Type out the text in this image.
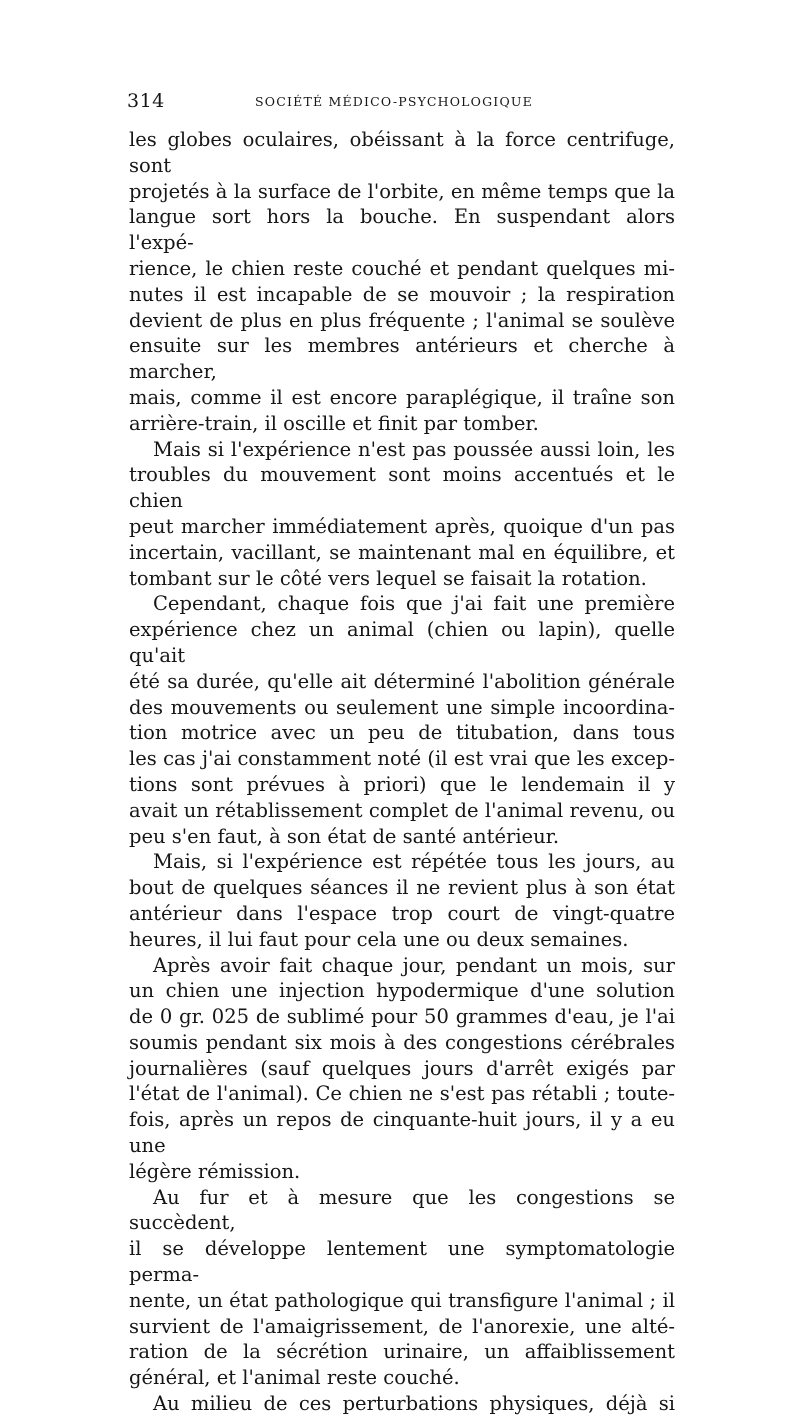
314	SOCIÉTÉ MÉDICO-PSYCHOLOGIQUE
les globes oculaires, obéissant à la force centrifuge, sont
projetés à la surface de l'orbite, en même temps que la
langue sort hors la bouche. En suspendant alors l'expé-
rience, le chien reste couché et pendant quelques mi-
nutes il est incapable de se mouvoir ; la respiration
devient de plus en plus fréquente ; l'animal se soulève
ensuite sur les membres antérieurs et cherche à marcher,
mais, comme il est encore paraplégique, il traîne son
arrière-train, il oscille et finit par tomber.
Mais si l'expérience n'est pas poussée aussi loin, les
troubles du mouvement sont moins accentués et le chien
peut marcher immédiatement après, quoique d'un pas
incertain, vacillant, se maintenant mal en équilibre, et
tombant sur le côté vers lequel se faisait la rotation.
Cependant, chaque fois que j'ai fait une première
expérience chez un animal (chien ou lapin), quelle qu'ait
été sa durée, qu'elle ait déterminé l'abolition générale
des mouvements ou seulement une simple incoordina-
tion motrice avec un peu de titubation, dans tous
les cas j'ai constamment noté (il est vrai que les excep-
tions sont prévues à priori) que le lendemain il y
avait un rétablissement complet de l'animal revenu, ou
peu s'en faut, à son état de santé antérieur.
Mais, si l'expérience est répétée tous les jours, au
bout de quelques séances il ne revient plus à son état
antérieur dans l'espace trop court de vingt-quatre
heures, il lui faut pour cela une ou deux semaines.
Après avoir fait chaque jour, pendant un mois, sur
un chien une injection hypodermique d'une solution
de 0 gr. 025 de sublimé pour 50 grammes d'eau, je l'ai
soumis pendant six mois à des congestions cérébrales
journalières (sauf quelques jours d'arrêt exigés par
l'état de l'animal). Ce chien ne s'est pas rétabli ; toute-
fois, après un repos de cinquante-huit jours, il y a eu une
légère rémission.
Au fur et à mesure que les congestions se succèdent,
il se développe lentement une symptomatologie perma-
nente, un état pathologique qui transfigure l'animal ; il
survient de l'amaigrissement, de l'anorexie, une alté-
ration de la sécrétion urinaire, un affaiblissement
général, et l'animal reste couché.
Au milieu de ces perturbations physiques, déjà si
